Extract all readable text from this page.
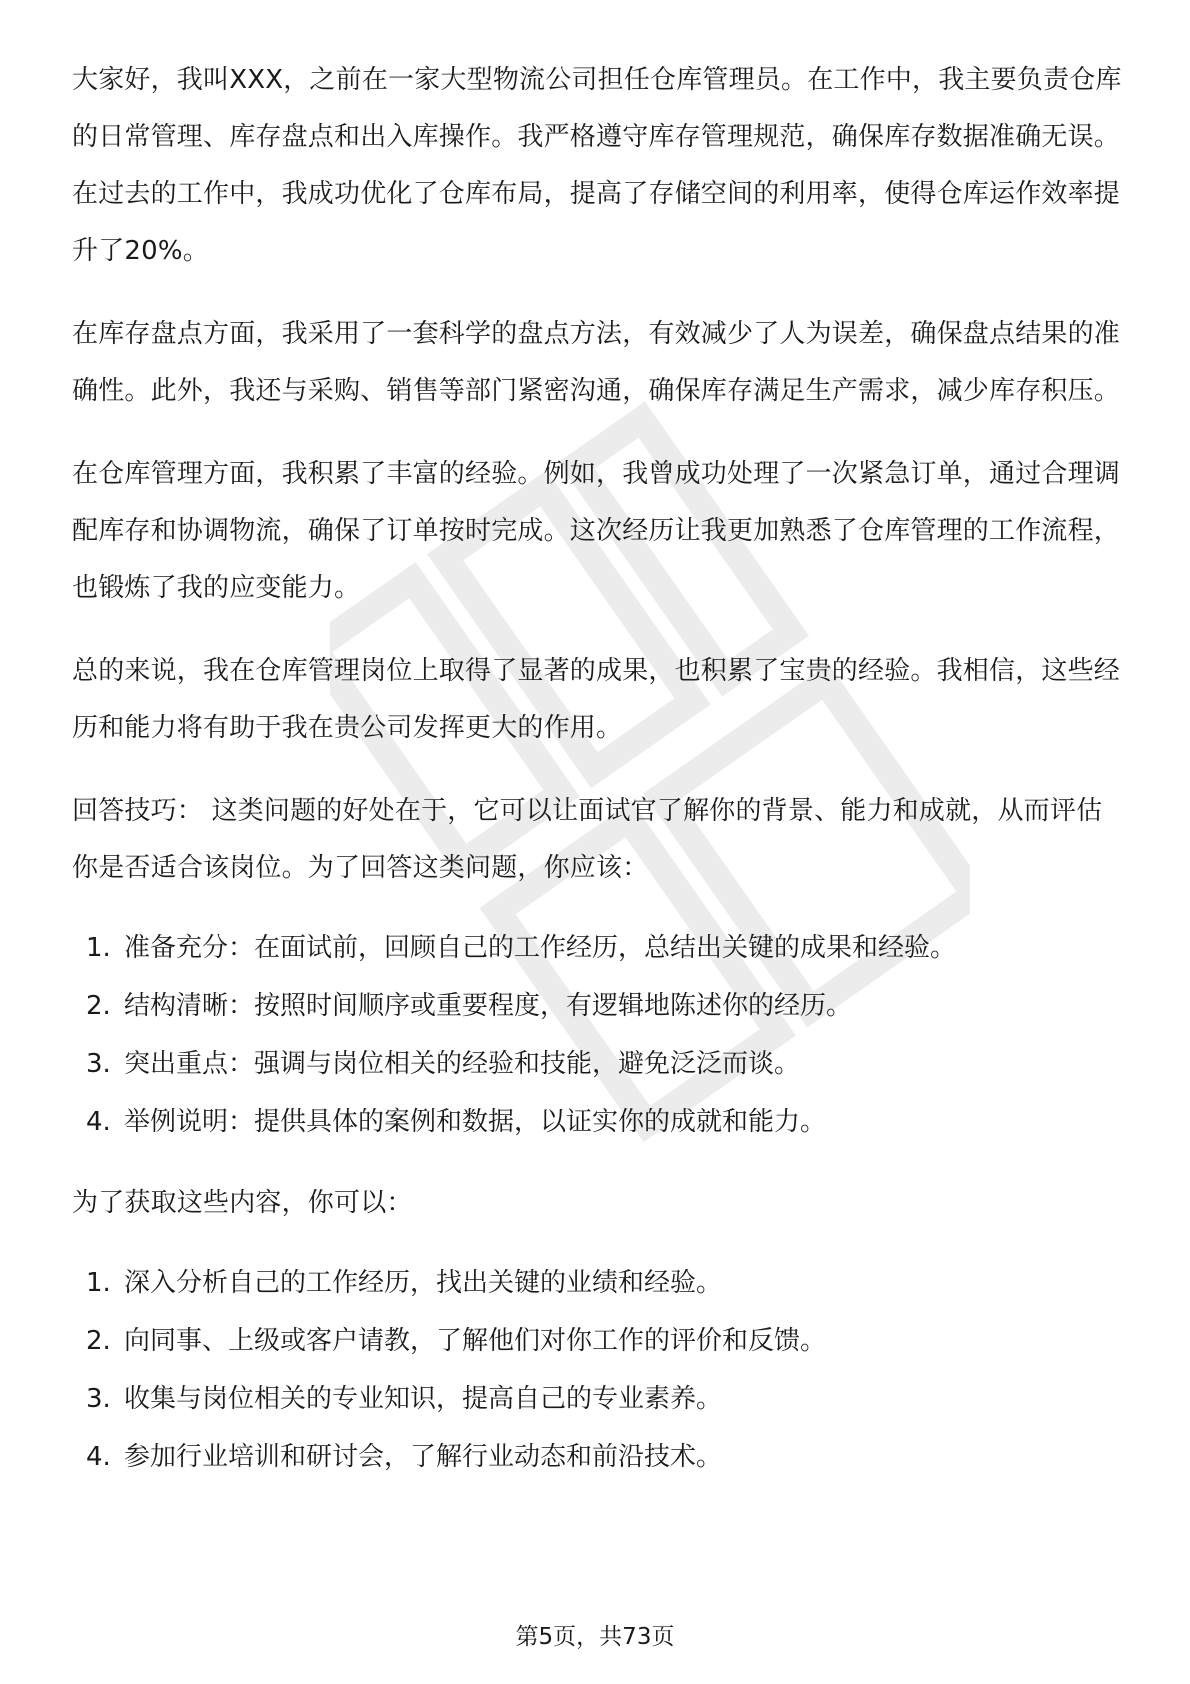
大家好，我叫XXX，之前在一家大型物流公司担任仓库管理员。在工作中，我主要负责仓库的日常管理、库存盘点和出入库操作。我严格遵守库存管理规范，确保库存数据准确无误。在过去的工作中，我成功优化了仓库布局，提高了存储空间的利用率，使得仓库运作效率提升了20%。

在库存盘点方面，我采用了一套科学的盘点方法，有效减少了人为误差，确保盘点结果的准确性。此外，我还与采购、销售等部门紧密沟通，确保库存满足生产需求，减少库存积压。

在仓库管理方面，我积累了丰富的经验。例如，我曾成功处理了一次紧急订单，通过合理调配库存和协调物流，确保了订单按时完成。这次经历让我更加熟悉了仓库管理的工作流程，也锻炼了我的应变能力。

总的来说，我在仓库管理岗位上取得了显著的成果，也积累了宝贵的经验。我相信，这些经历和能力将有助于我在贵公司发挥更大的作用。

回答技巧： 这类问题的好处在于，它可以让面试官了解你的背景、能力和成就，从而评估你是否适合该岗位。为了回答这类问题，你应该：

1. 准备充分：在面试前，回顾自己的工作经历，总结出关键的成果和经验。
2. 结构清晰：按照时间顺序或重要程度，有逻辑地陈述你的经历。
3. 突出重点：强调与岗位相关的经验和技能，避免泛泛而谈。
4. 举例说明：提供具体的案例和数据，以证实你的成就和能力。

为了获取这些内容，你可以：

1. 深入分析自己的工作经历，找出关键的业绩和经验。
2. 向同事、上级或客户请教，了解他们对你工作的评价和反馈。
3. 收集与岗位相关的专业知识，提高自己的专业素养。
4. 参加行业培训和研讨会，了解行业动态和前沿技术。
第5页，共73页
